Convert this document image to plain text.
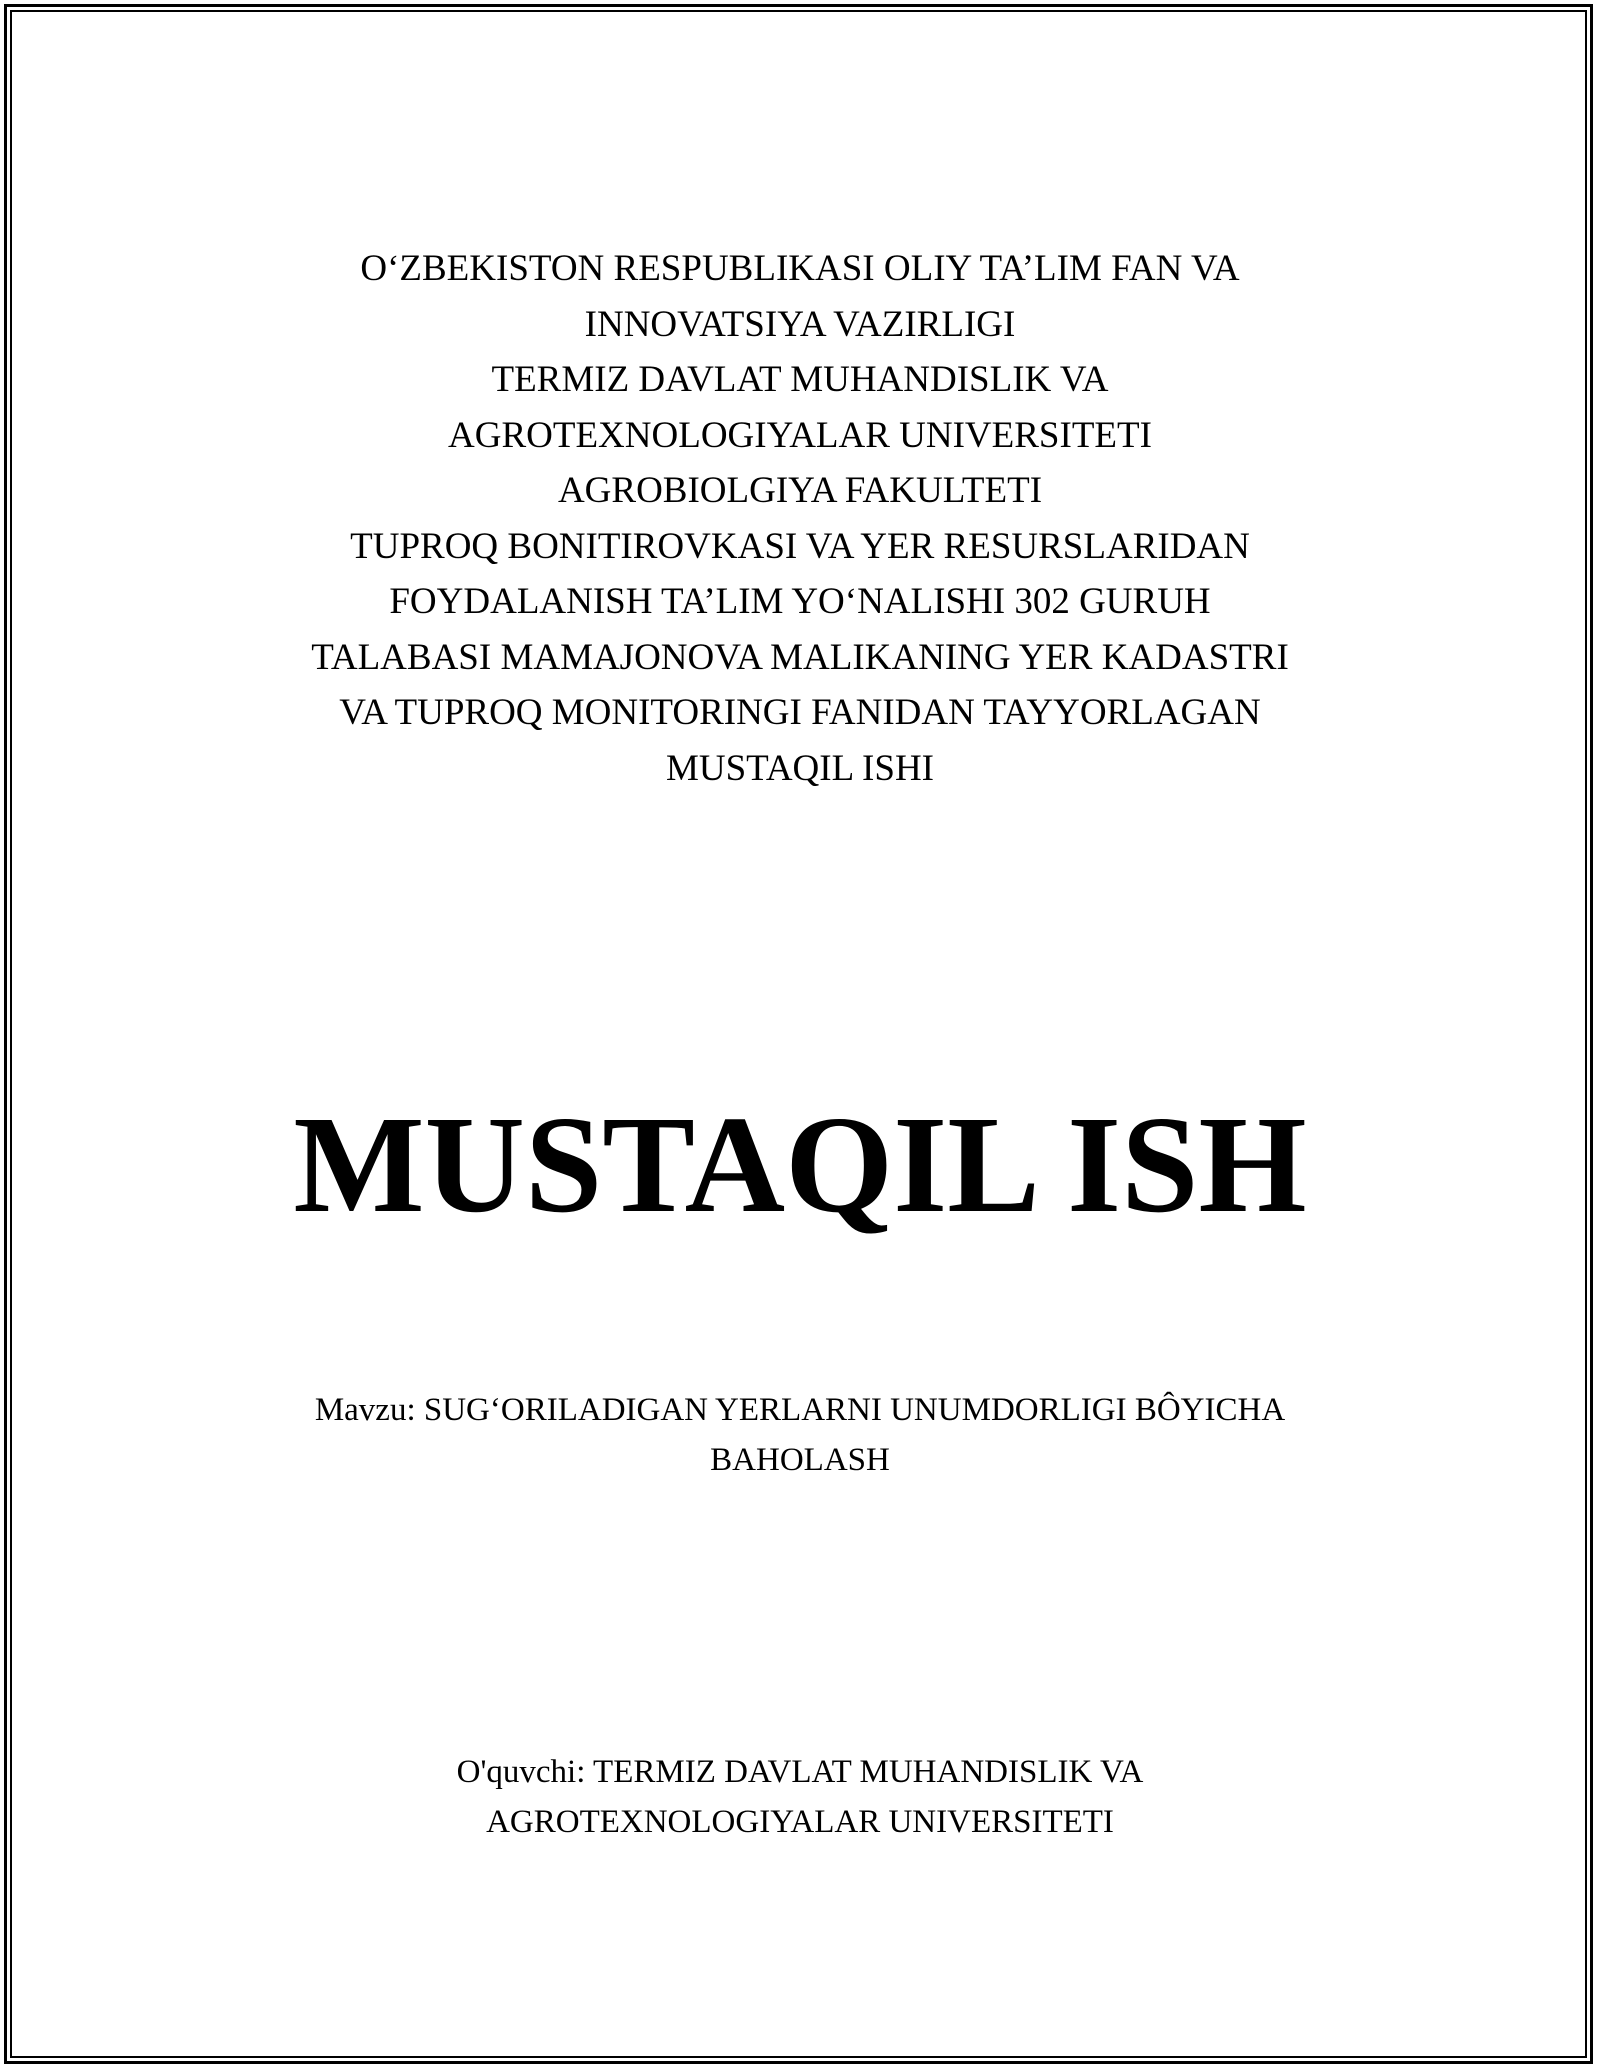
O‘ZBEKISTON RESPUBLIKASI OLIY TA’LIM FAN VA
INNOVATSIYA VAZIRLIGI
TERMIZ DAVLAT MUHANDISLIK VA
AGROTEXNOLOGIYALAR UNIVERSITETI
AGROBIOLGIYA FAKULTETI
TUPROQ BONITIROVKASI VA YER RESURSLARIDAN
FOYDALANISH TA’LIM YO‘NALISHI 302 GURUH
TALABASI MAMAJONOVA MALIKANING YER KADASTRI
VA TUPROQ MONITORINGI FANIDAN TAYYORLAGAN
MUSTAQIL ISHI
MUSTAQIL ISH
Mavzu: SUG‘ORILADIGAN YERLARNI UNUMDORLIGI BÔYICHA
BAHOLASH
O'quvchi: TERMIZ DAVLAT MUHANDISLIK VA
AGROTEXNOLOGIYALAR UNIVERSITETI
